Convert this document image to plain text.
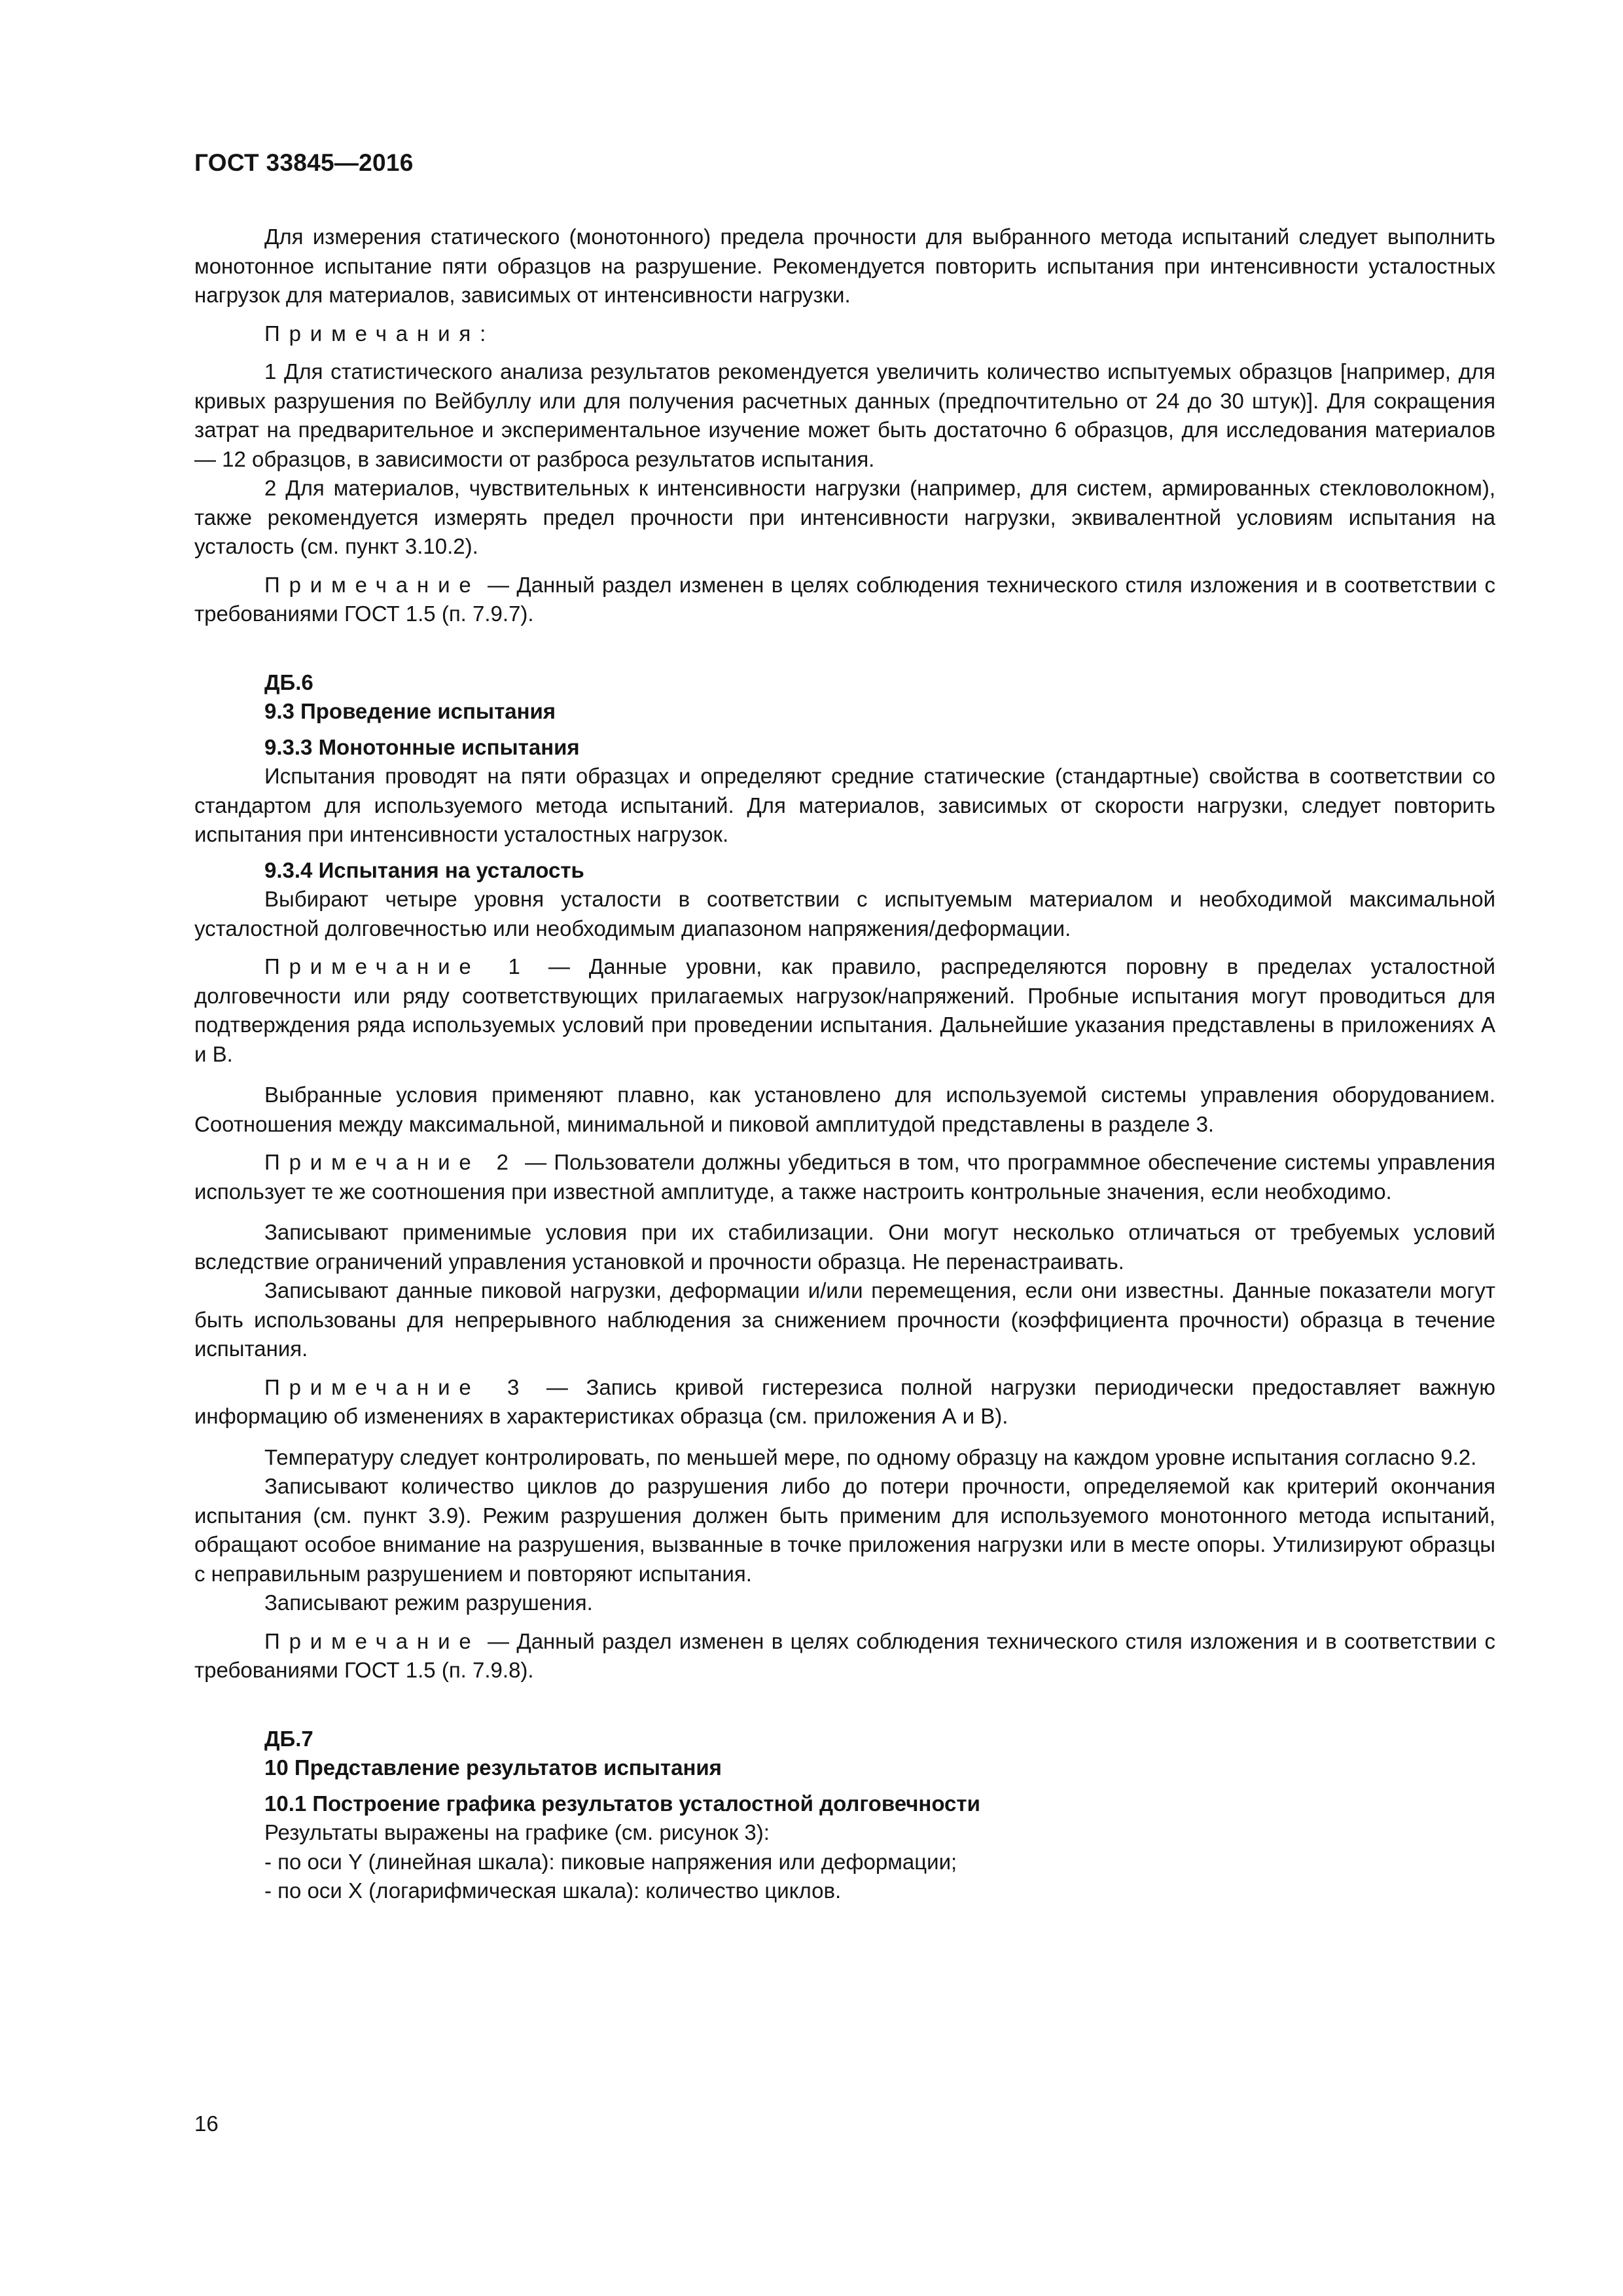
ГОСТ 33845—2016

Для измерения статического (монотонного) предела прочности для выбранного метода испытаний следует выполнить монотонное испытание пяти образцов на разрушение. Рекомендуется повторить испытания при интенсивности усталостных нагрузок для материалов, зависимых от интенсивности нагрузки.

Примечания:

1 Для статистического анализа результатов рекомендуется увеличить количество испытуемых образцов [например, для кривых разрушения по Вейбуллу или для получения расчетных данных (предпочтительно от 24 до 30 штук)]. Для сокращения затрат на предварительное и экспериментальное изучение может быть достаточно 6 образцов, для исследования материалов — 12 образцов, в зависимости от разброса результатов испытания.

2 Для материалов, чувствительных к интенсивности нагрузки (например, для систем, армированных стекловолокном), также рекомендуется измерять предел прочности при интенсивности нагрузки, эквивалентной условиям испытания на усталость (см. пункт 3.10.2).

Примечание — Данный раздел изменен в целях соблюдения технического стиля изложения и в соответствии с требованиями ГОСТ 1.5 (п. 7.9.7).

ДБ.6

9.3 Проведение испытания

9.3.3 Монотонные испытания

Испытания проводят на пяти образцах и определяют средние статические (стандартные) свойства в соответствии со стандартом для используемого метода испытаний. Для материалов, зависимых от скорости нагрузки, следует повторить испытания при интенсивности усталостных нагрузок.

9.3.4 Испытания на усталость

Выбирают четыре уровня усталости в соответствии с испытуемым материалом и необходимой максимальной усталостной долговечностью или необходимым диапазоном напряжения/деформации.

Примечание 1 — Данные уровни, как правило, распределяются поровну в пределах усталостной долговечности или ряду соответствующих прилагаемых нагрузок/напряжений. Пробные испытания могут проводиться для подтверждения ряда используемых условий при проведении испытания. Дальнейшие указания представлены в приложениях А и В.

Выбранные условия применяют плавно, как установлено для используемой системы управления оборудованием. Соотношения между максимальной, минимальной и пиковой амплитудой представлены в разделе 3.

Примечание 2 — Пользователи должны убедиться в том, что программное обеспечение системы управления использует те же соотношения при известной амплитуде, а также настроить контрольные значения, если необходимо.

Записывают применимые условия при их стабилизации. Они могут несколько отличаться от требуемых условий вследствие ограничений управления установкой и прочности образца. Не перенастраивать.

Записывают данные пиковой нагрузки, деформации и/или перемещения, если они известны. Данные показатели могут быть использованы для непрерывного наблюдения за снижением прочности (коэффициента прочности) образца в течение испытания.

Примечание 3 — Запись кривой гистерезиса полной нагрузки периодически предоставляет важную информацию об изменениях в характеристиках образца (см. приложения А и В).

Температуру следует контролировать, по меньшей мере, по одному образцу на каждом уровне испытания согласно 9.2.

Записывают количество циклов до разрушения либо до потери прочности, определяемой как критерий окончания испытания (см. пункт 3.9). Режим разрушения должен быть применим для используемого монотонного метода испытаний, обращают особое внимание на разрушения, вызванные в точке приложения нагрузки или в месте опоры. Утилизируют образцы с неправильным разрушением и повторяют испытания.

Записывают режим разрушения.

Примечание — Данный раздел изменен в целях соблюдения технического стиля изложения и в соответствии с требованиями ГОСТ 1.5 (п. 7.9.8).

ДБ.7

10 Представление результатов испытания

10.1 Построение графика результатов усталостной долговечности

Результаты выражены на графике (см. рисунок 3):

- по оси Y (линейная шкала): пиковые напряжения или деформации;

- по оси X (логарифмическая шкала): количество циклов.

16
